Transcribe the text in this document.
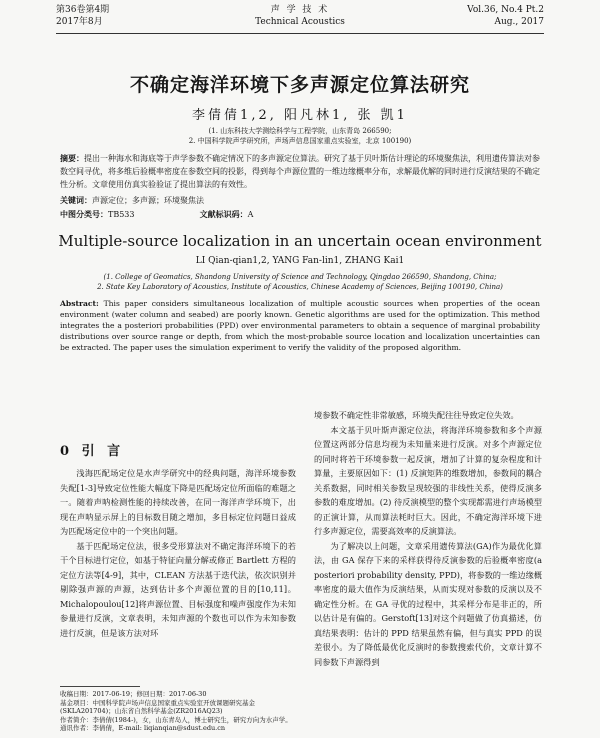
第36卷第4期
2017年8月
声 学 技 术
Technical Acoustics
Vol.36, No.4 Pt.2
Aug., 2017
不确定海洋环境下多声源定位算法研究
李倩倩1,2, 阳凡林1, 张 凯1
(1. 山东科技大学测绘科学与工程学院，山东青岛 266590;
2. 中国科学院声学研究所，声场声信息国家重点实验室，北京 100190)
摘要：提出一种海水和海底等于声学参数不确定情况下的多声源定位算法。研究了基于贝叶斯估计理论的环境聚焦法，利用遗传算法对参数空间寻优，将多维后验概率密度在参数空间的投影，得到每个声源位置的一维边缘概率分布，求解最优解的同时进行反演结果的不确定性分析。文章使用仿真实验验证了提出算法的有效性。
关键词：声源定位；多声源；环境聚焦法
中图分类号：TB533	文献标识码：A
Multiple-source localization in an uncertain ocean environment
LI Qian-qian1,2, YANG Fan-lin1, ZHANG Kai1
(1. College of Geomatics, Shandong University of Science and Technology, Qingdao 266590, Shandong, China;
2. State Key Laboratory of Acoustics, Institute of Acoustics, Chinese Academy of Sciences, Beijing 100190, China)
Abstract: This paper considers simultaneous localization of multiple acoustic sources when properties of the ocean environment (water column and seabed) are poorly known. Genetic algorithms are used for the optimization. This method integrates the a posteriori probabilities (PPD) over environmental parameters to obtain a sequence of marginal probability distributions over source range or depth, from which the most-probable source location and localization uncertainties can be extracted. The paper uses the simulation experiment to verify the validity of the proposed algorithm.
0 引 言

浅海匹配场定位是水声学研究中的经典问题，海洋环境参数失配[1-3]导致定位性能大幅度下降是匹配场定位所面临的难题之一。随着声呐检测性能的持续改善，在同一海洋声学环境下，出现在声呐显示屏上的目标数目随之增加，多目标定位问题日益成为匹配场定位中的一个突出问题。

基于匹配场定位法，很多受形算法对不确定海洋环境下的若干个目标进行定位，如基于特征向量分解或修正 Bartlett 方程的定位方法等[4-9]，其中，CLEAN 方法基于迭代法，依次识别并剔除强声源的声源，达到估计多个声源位置的目的[10,11]。Michalopoulou[12]将声源位置、目标强度和噪声强度作为未知参量进行反演，文章表明，未知声源的个数也可以作为未知参数进行反演，但是该方法对环

收稿日期：2017-06-19；修回日期：2017-06-30
基金项目：中国科学院声场声信息国家重点实验室开放课题研究基金(SKLA201704)；山东省自然科学基金(ZR2016AQ23)
作者简介：李倩倩(1984-)，女，山东青岛人，博士研究生，研究方向为水声学。
通讯作者：李倩倩，E-mail: liqianqian@sdust.edu.cn

境参数不确定性非常敏感，环境失配往往导致定位失效。

本文基于贝叶斯声源定位法，将海洋环境参数和多个声源位置这两部分信息均视为未知量来进行反演。对多个声源定位的同时将若干环境参数一起反演，增加了计算的复杂程度和计算量，主要原因如下：(1) 反演矩阵的维数增加，参数间的耦合关系数据，同时相关参数呈现较强的非线性关系，使得反演多参数的难度增加。(2) 待反演模型的整个实现都需进行声场模型的正演计算，从而算法耗时巨大。因此，不确定海洋环境下进行多声源定位，需要高效率的反演算法。

为了解决以上问题，文章采用遗传算法(GA)作为最优化算法，由 GA 保存下来的采样获得待反演参数的后验概率密度(a posteriori probability density, PPD)，将参数的一维边缘概率密度的最大值作为反演结果，从而实现对参数的反演以及不确定性分析。在 GA 寻优的过程中，其采样分布是非正的，所以估计是有偏的。Gerstoft[13]对这个问题做了仿真描述，仿真结果表明：估计的 PPD 结果虽然有偏，但与真实 PPD 的误差很小。为了降低最优化反演时的参数搜索代价，文章计算不同参数下声源得到
